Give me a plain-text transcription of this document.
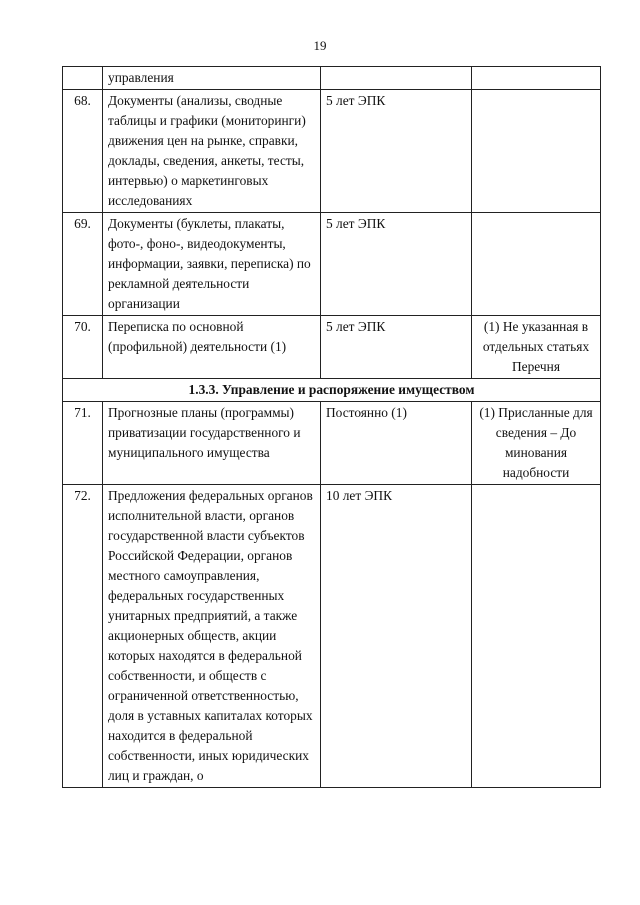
19

	управления		

68.	Документы (анализы, сводные таблицы и графики (мониторинги) движения цен на рынке, справки, доклады, сведения, анкеты, тесты, интервью) о маркетинговых исследованиях	5 лет ЭПК	

69.	Документы (буклеты, плакаты, фото-, фоно-, видеодокументы, информации, заявки, переписка) по рекламной деятельности организации	5 лет ЭПК	

70.	Переписка по основной (профильной) деятельности (1)	5 лет ЭПК	(1) Не указанная в отдельных статьях Перечня

1.3.3. Управление и распоряжение имуществом			
71.	Прогнозные планы (программы) приватизации государственного и муниципального имущества	Постоянно (1)	(1) Присланные для сведения – До минования надобности

72.	Предложения федеральных органов исполнительной власти, органов государственной власти субъектов Российской Федерации, органов местного самоуправления, федеральных государственных унитарных предприятий, а также акционерных обществ, акции которых находятся в федеральной собственности, и обществ с ограниченной ответственностью, доля в уставных капиталах которых находится в федеральной собственности, иных юридических лиц и граждан, о	10 лет ЭПК	
